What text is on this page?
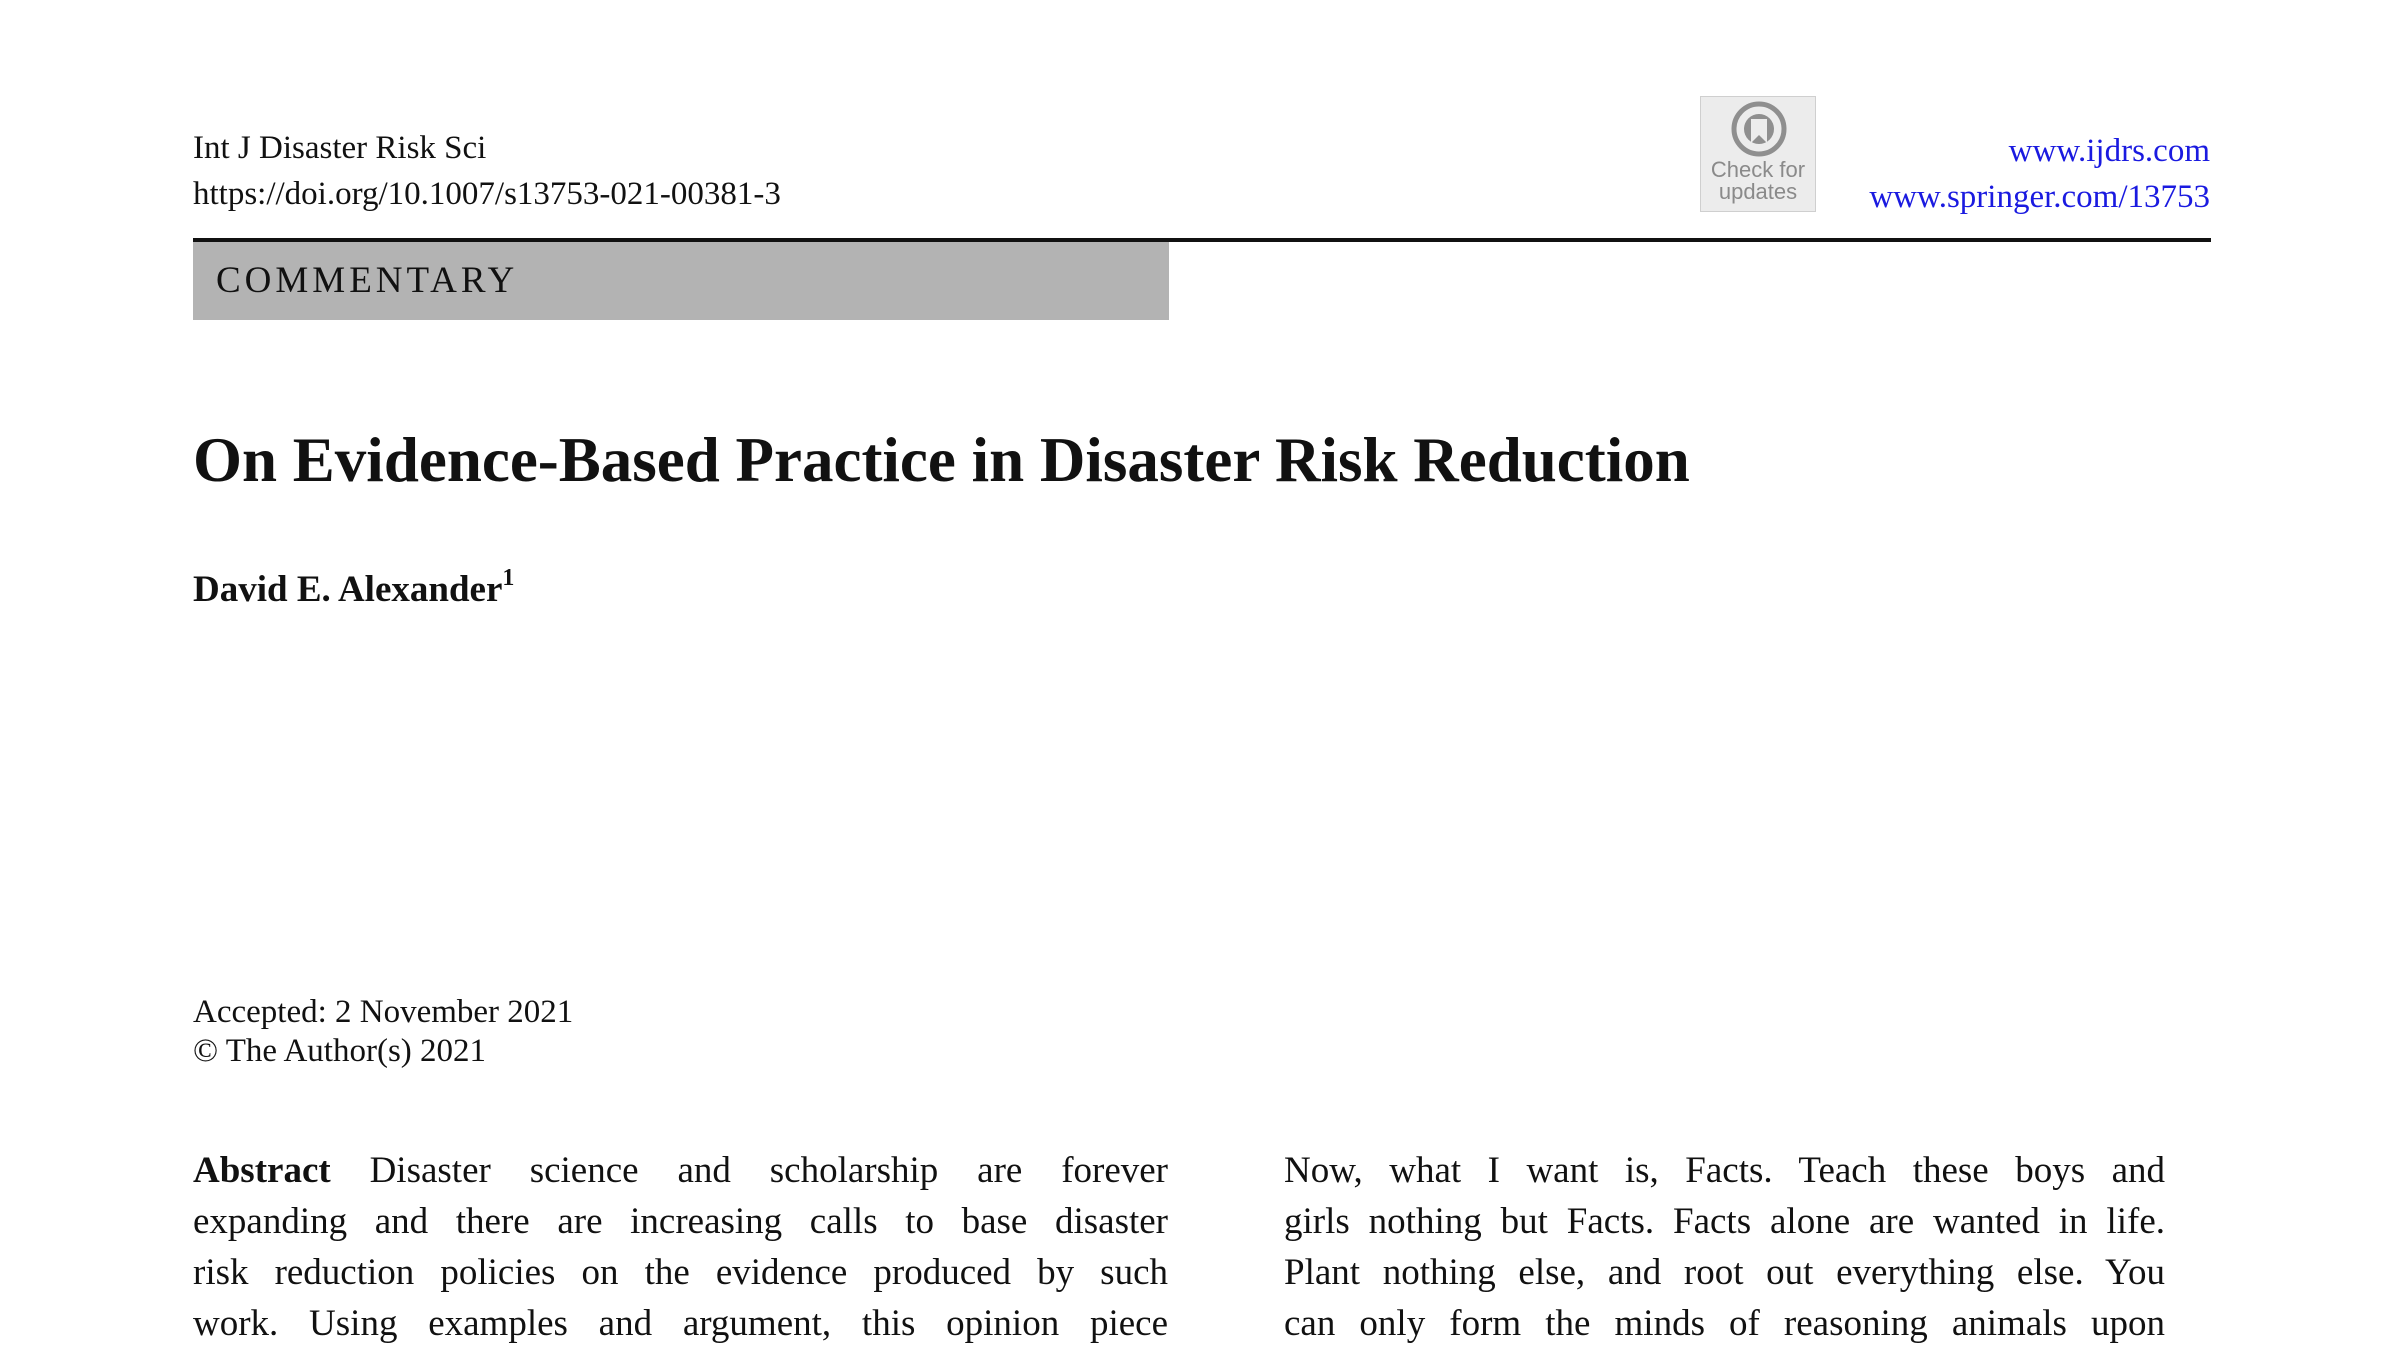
Int J Disaster Risk Sci
https://doi.org/10.1007/s13753-021-00381-3
Check for
updates
www.ijdrs.com
www.springer.com/13753
COMMENTARY
On Evidence-Based Practice in Disaster Risk Reduction
David E. Alexander$^1$
Accepted: 2 November 2021
© The Author(s) 2021
Abstract Disaster science and scholarship are forever
expanding and there are increasing calls to base disaster
risk reduction policies on the evidence produced by such
work. Using examples and argument, this opinion piece
Now, what I want is, Facts. Teach these boys and
girls nothing but Facts. Facts alone are wanted in life.
Plant nothing else, and root out everything else. You
can only form the minds of reasoning animals upon
